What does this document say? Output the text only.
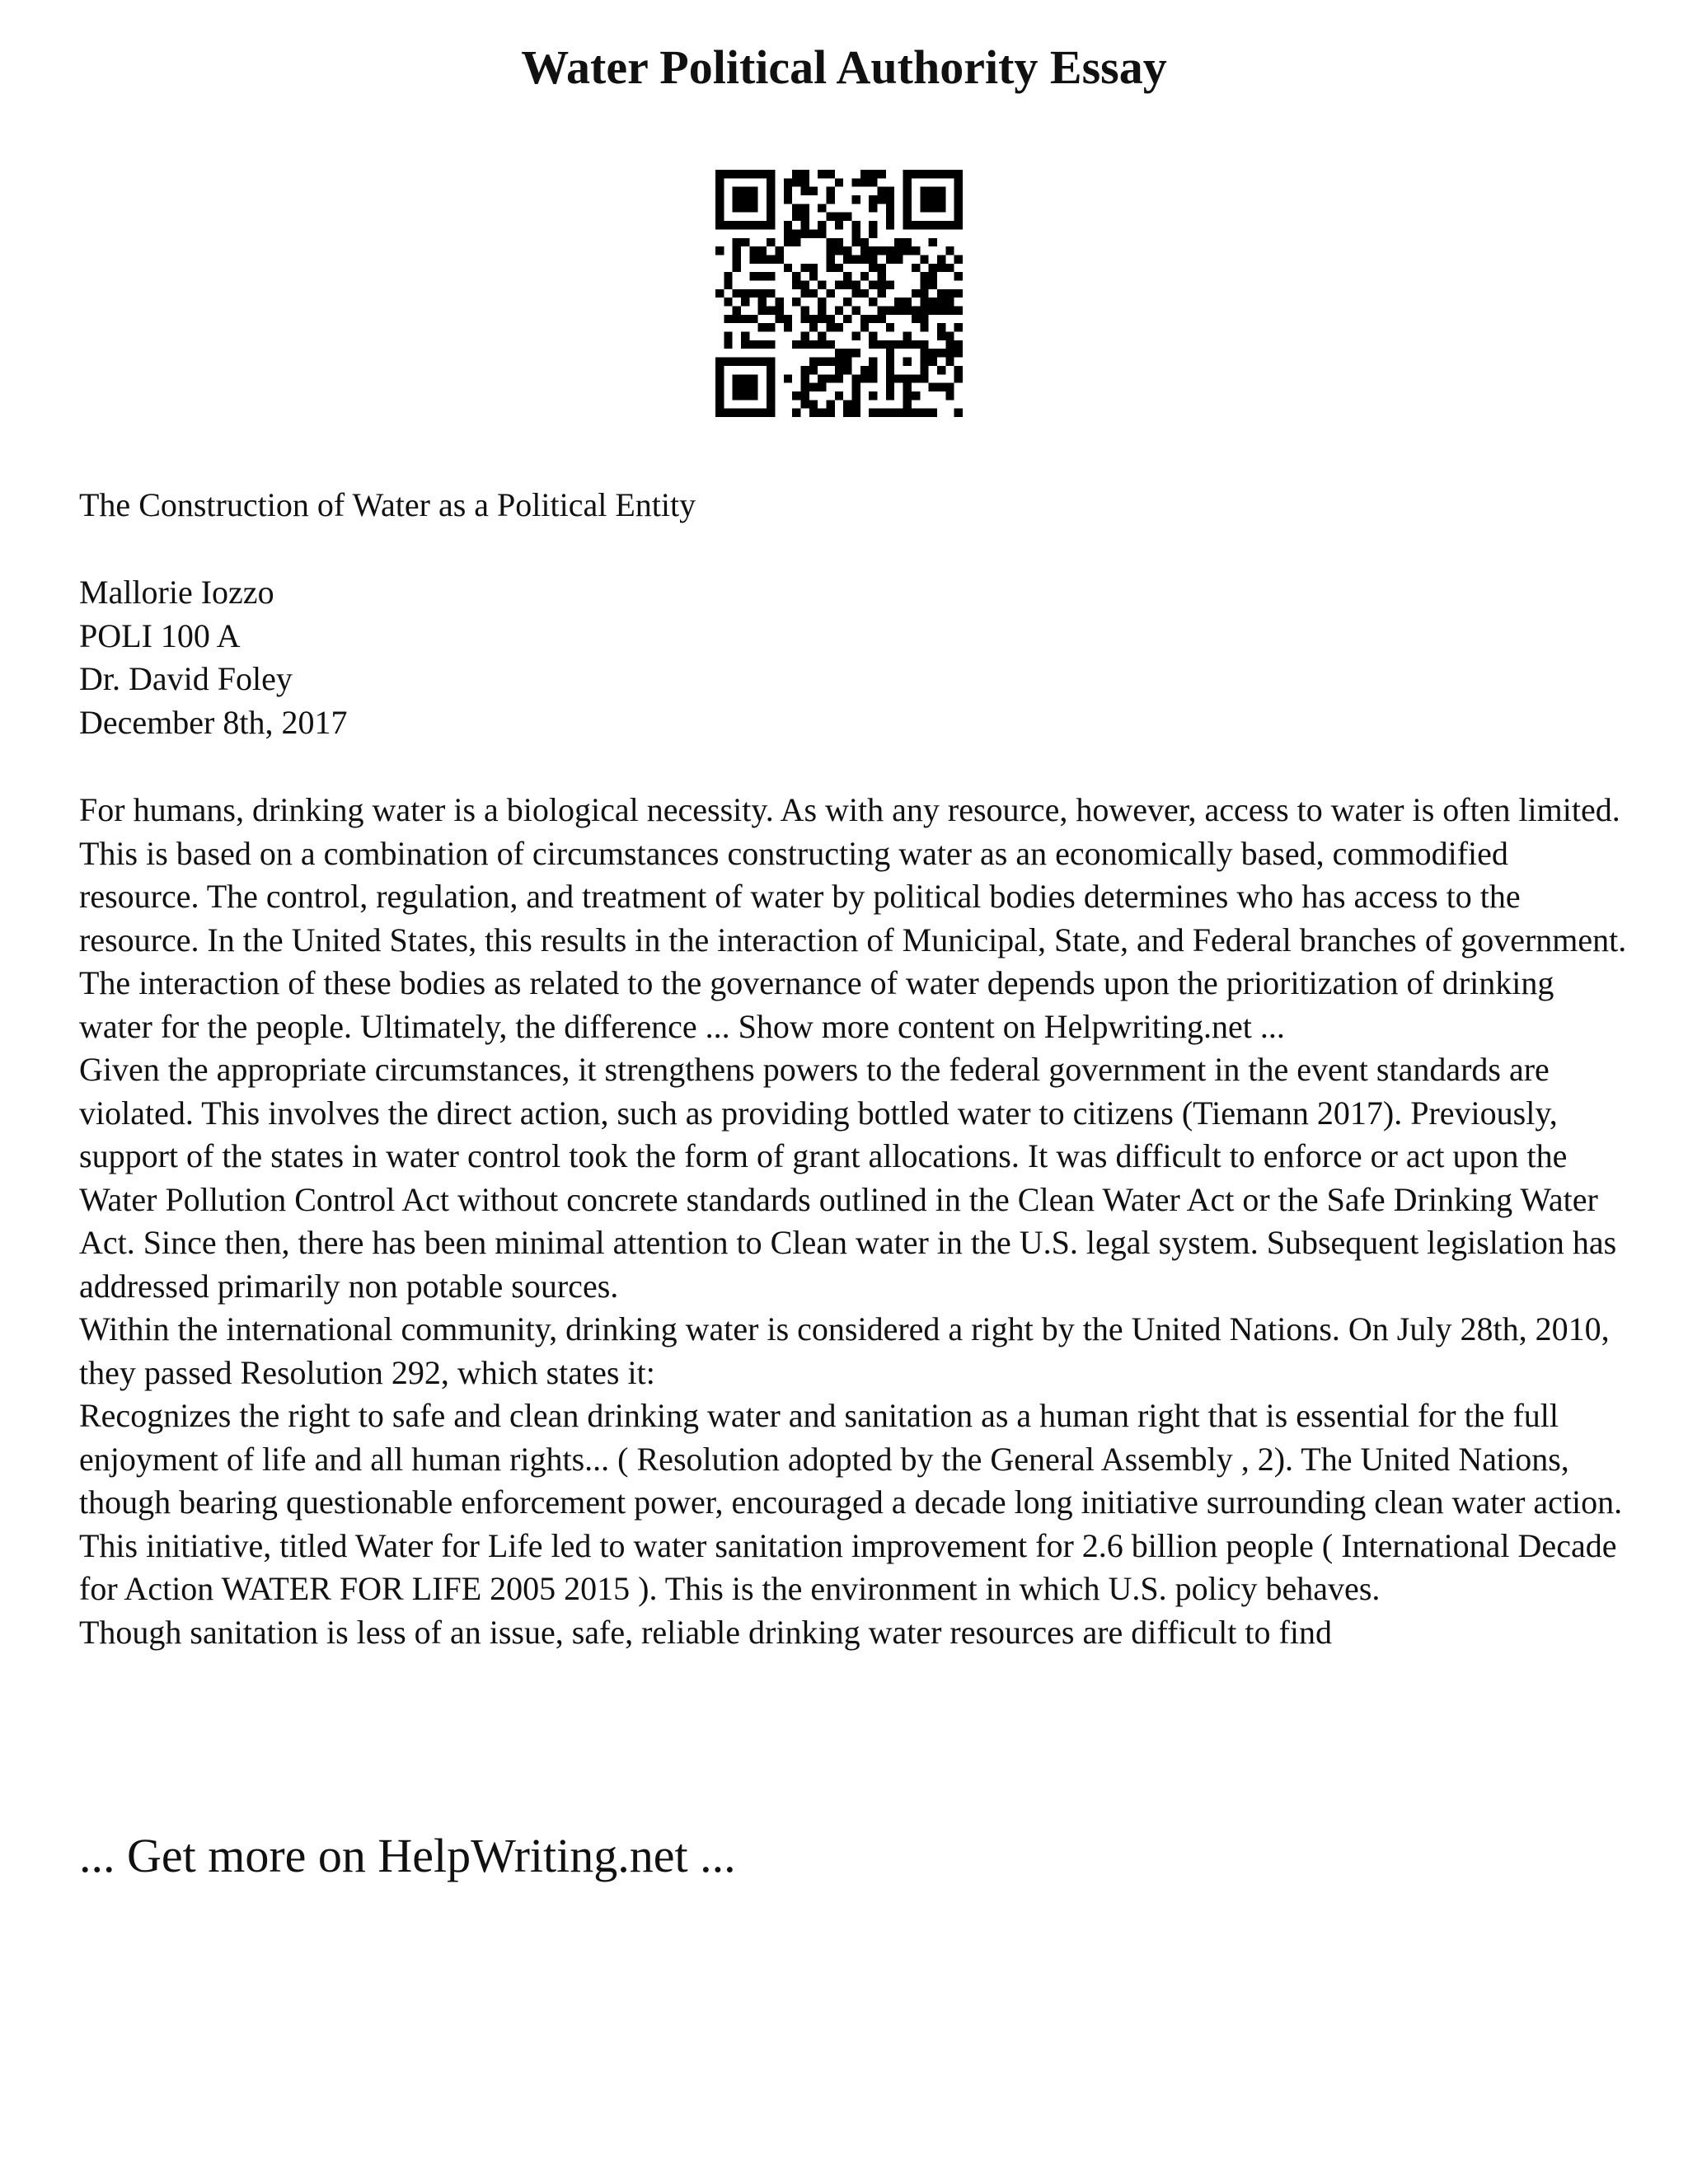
Water Political Authority Essay
The Construction of Water as a Political Entity
Mallorie Iozzo
POLI 100 A
Dr. David Foley
December 8th, 2017

For humans, drinking water is a biological necessity. As with any resource, however, access to water is often limited. This is based on a combination of circumstances constructing water as an economically based, commodified resource. The control, regulation, and treatment of water by political bodies determines who has access to the resource. In the United States, this results in the interaction of Municipal, State, and Federal branches of government. The interaction of these bodies as related to the governance of water depends upon the prioritization of drinking water for the people. Ultimately, the difference ... Show more content on Helpwriting.net ...

Given the appropriate circumstances, it strengthens powers to the federal government in the event standards are violated. This involves the direct action, such as providing bottled water to citizens (Tiemann 2017). Previously, support of the states in water control took the form of grant allocations. It was difficult to enforce or act upon the Water Pollution Control Act without concrete standards outlined in the Clean Water Act or the Safe Drinking Water Act. Since then, there has been minimal attention to Clean water in the U.S. legal system. Subsequent legislation has addressed primarily non potable sources.

Within the international community, drinking water is considered a right by the United Nations. On July 28th, 2010, they passed Resolution 292, which states it:

Recognizes the right to safe and clean drinking water and sanitation as a human right that is essential for the full enjoyment of life and all human rights... ( Resolution adopted by the General Assembly , 2). The United Nations, though bearing questionable enforcement power, encouraged a decade long initiative surrounding clean water action. This initiative, titled Water for Life led to water sanitation improvement for 2.6 billion people ( International Decade for Action WATER FOR LIFE 2005 2015 ). This is the environment in which U.S. policy behaves.

Though sanitation is less of an issue, safe, reliable drinking water resources are difficult to find

... Get more on HelpWriting.net ...
